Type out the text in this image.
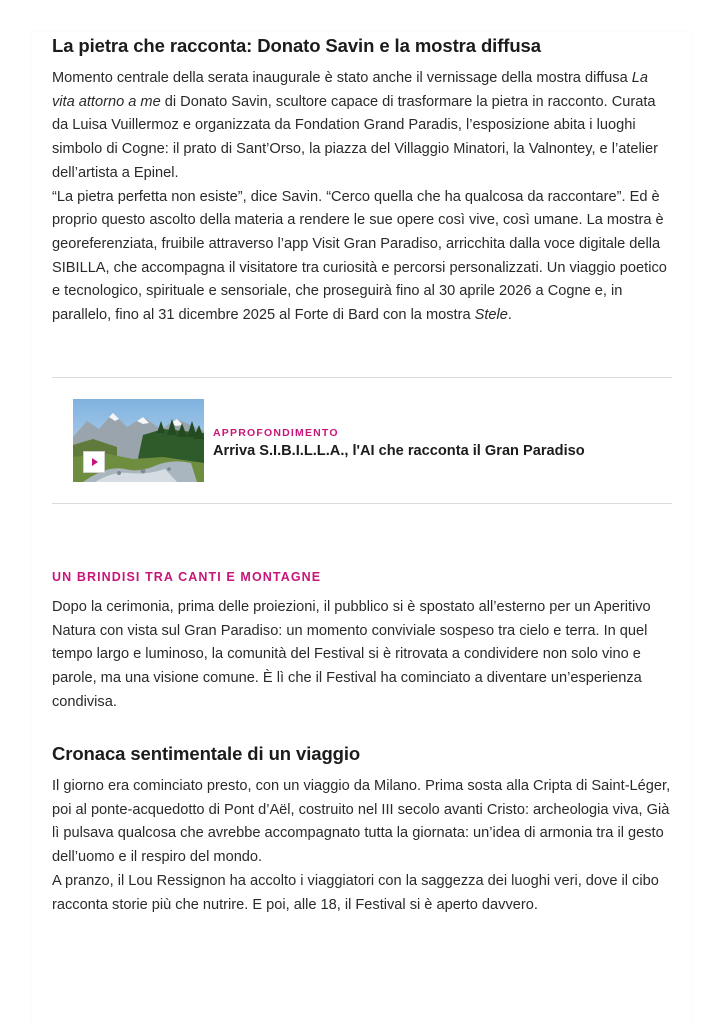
La pietra che racconta: Donato Savin e la mostra diffusa

Momento centrale della serata inaugurale è stato anche il vernissage della mostra diffusa La vita attorno a me di Donato Savin, scultore capace di trasformare la pietra in racconto. Curata da Luisa Vuillermoz e organizzata da Fondation Grand Paradis, l’esposizione abita i luoghi simbolo di Cogne: il prato di Sant’Orso, la piazza del Villaggio Minatori, la Valnontey, e l’atelier dell’artista a Epinel.

“La pietra perfetta non esiste”, dice Savin. “Cerco quella che ha qualcosa da raccontare”. Ed è proprio questo ascolto della materia a rendere le sue opere così vive, così umane. La mostra è georeferenziata, fruibile attraverso l’app Visit Gran Paradiso, arricchita dalla voce digitale della SIBILLA, che accompagna il visitatore tra curiosità e percorsi personalizzati. Un viaggio poetico e tecnologico, spirituale e sensoriale, che proseguirà fino al 30 aprile 2026 a Cogne e, in parallelo, fino al 31 dicembre 2025 al Forte di Bard con la mostra Stele.

APPROFONDIMENTO
Arriva S.I.B.I.L.L.A., l'AI che racconta il Gran Paradiso
UN BRINDISI TRA CANTI E MONTAGNE

Dopo la cerimonia, prima delle proiezioni, il pubblico si è spostato all’esterno per un Aperitivo Natura con vista sul Gran Paradiso: un momento conviviale sospeso tra cielo e terra. In quel tempo largo e luminoso, la comunità del Festival si è ritrovata a condividere non solo vino e parole, ma una visione comune. È lì che il Festival ha cominciato a diventare un’esperienza condivisa.

Cronaca sentimentale di un viaggio

Il giorno era cominciato presto, con un viaggio da Milano. Prima sosta alla Cripta di Saint-Léger, poi al ponte-acquedotto di Pont d’Aël, costruito nel III secolo avanti Cristo: archeologia viva, Già lì pulsava qualcosa che avrebbe accompagnato tutta la giornata: un’idea di armonia tra il gesto dell’uomo e il respiro del mondo.

A pranzo, il Lou Ressignon ha accolto i viaggiatori con la saggezza dei luoghi veri, dove il cibo racconta storie più che nutrire. E poi, alle 18, il Festival si è aperto davvero.
